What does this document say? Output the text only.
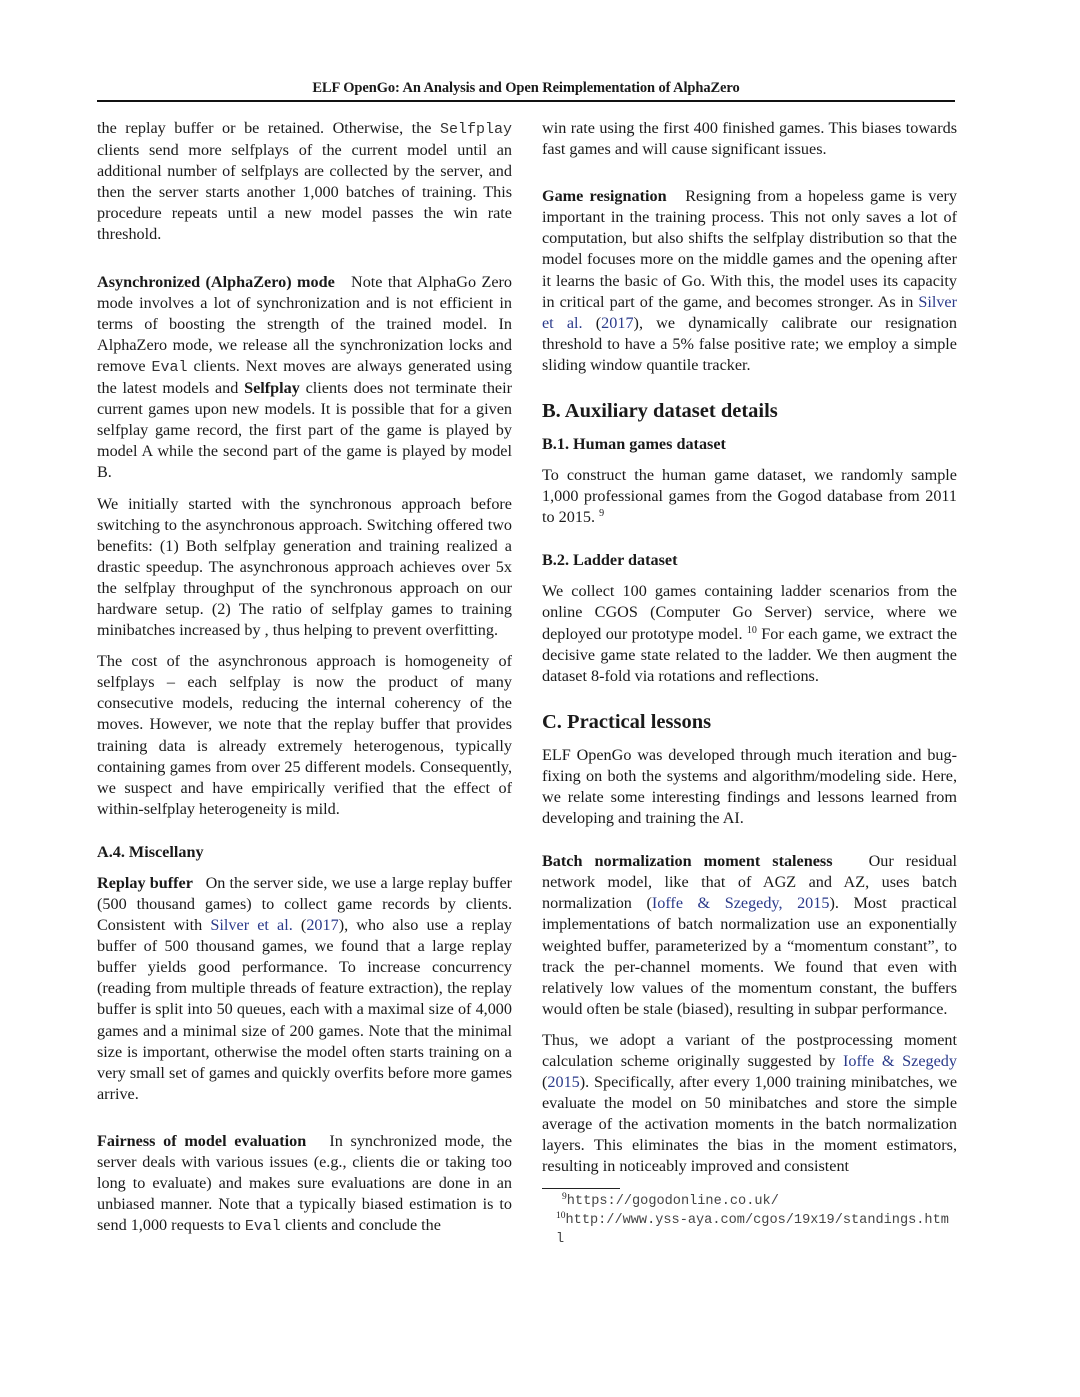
ELF OpenGo: An Analysis and Open Reimplementation of AlphaZero

the replay buffer or be retained. Otherwise, the Selfplay clients send more selfplays of the current model until an additional number of selfplays are collected by the server, and then the server starts another 1,000 batches of training. This procedure repeats until a new model passes the win rate threshold.

Asynchronized (AlphaZero) mode Note that AlphaGo Zero mode involves a lot of synchronization and is not efficient in terms of boosting the strength of the trained model. In AlphaZero mode, we release all the synchronization locks and remove Eval clients. Next moves are always generated using the latest models and Selfplay clients does not terminate their current games upon new models. It is possible that for a given selfplay game record, the first part of the game is played by model A while the second part of the game is played by model B.

We initially started with the synchronous approach before switching to the asynchronous approach. Switching offered two benefits: (1) Both selfplay generation and training realized a drastic speedup. The asynchronous approach achieves over 5x the selfplay throughput of the synchronous approach on our hardware setup. (2) The ratio of selfplay games to training minibatches increased by , thus helping to prevent overfitting.

The cost of the asynchronous approach is homogeneity of selfplays – each selfplay is now the product of many consecutive models, reducing the internal coherency of the moves. However, we note that the replay buffer that provides training data is already extremely heterogenous, typically containing games from over 25 different models. Consequently, we suspect and have empirically verified that the effect of within-selfplay heterogeneity is mild.

A.4. Miscellany

Replay buffer On the server side, we use a large replay buffer (500 thousand games) to collect game records by clients. Consistent with Silver et al. (2017), who also use a replay buffer of 500 thousand games, we found that a large replay buffer yields good performance. To increase concurrency (reading from multiple threads of feature extraction), the replay buffer is split into 50 queues, each with a maximal size of 4,000 games and a minimal size of 200 games. Note that the minimal size is important, otherwise the model often starts training on a very small set of games and quickly overfits before more games arrive.

Fairness of model evaluation In synchronized mode, the server deals with various issues (e.g., clients die or taking too long to evaluate) and makes sure evaluations are done in an unbiased manner. Note that a typically biased estimation is to send 1,000 requests to Eval clients and conclude the

win rate using the first 400 finished games. This biases towards fast games and will cause significant issues.

Game resignation Resigning from a hopeless game is very important in the training process. This not only saves a lot of computation, but also shifts the selfplay distribution so that the model focuses more on the middle games and the opening after it learns the basic of Go. With this, the model uses its capacity in critical part of the game, and becomes stronger. As in Silver et al. (2017), we dynamically calibrate our resignation threshold to have a 5% false positive rate; we employ a simple sliding window quantile tracker.

B. Auxiliary dataset details
B.1. Human games dataset

To construct the human game dataset, we randomly sample 1,000 professional games from the Gogod database from 2011 to 2015. $^9$

B.2. Ladder dataset

We collect 100 games containing ladder scenarios from the online CGOS (Computer Go Server) service, where we deployed our prototype model. $^{10}$ For each game, we extract the decisive game state related to the ladder. We then augment the dataset 8-fold via rotations and reflections.

C. Practical lessons

ELF OpenGo was developed through much iteration and bug-fixing on both the systems and algorithm/modeling side. Here, we relate some interesting findings and lessons learned from developing and training the AI.

Batch normalization moment staleness Our residual network model, like that of AGZ and AZ, uses batch normalization (Ioffe & Szegedy, 2015). Most practical implementations of batch normalization use an exponentially weighted buffer, parameterized by a “momentum constant”, to track the per-channel moments. We found that even with relatively low values of the momentum constant, the buffers would often be stale (biased), resulting in subpar performance.

Thus, we adopt a variant of the postprocessing moment calculation scheme originally suggested by Ioffe & Szegedy (2015). Specifically, after every 1,000 training minibatches, we evaluate the model on 50 minibatches and store the simple average of the activation moments in the batch normalization layers. This eliminates the bias in the moment estimators, resulting in noticeably improved and consistent

$^9$https://gogodonline.co.uk/
$^{10}$http://www.yss-aya.com/cgos/19x19/standings.html
